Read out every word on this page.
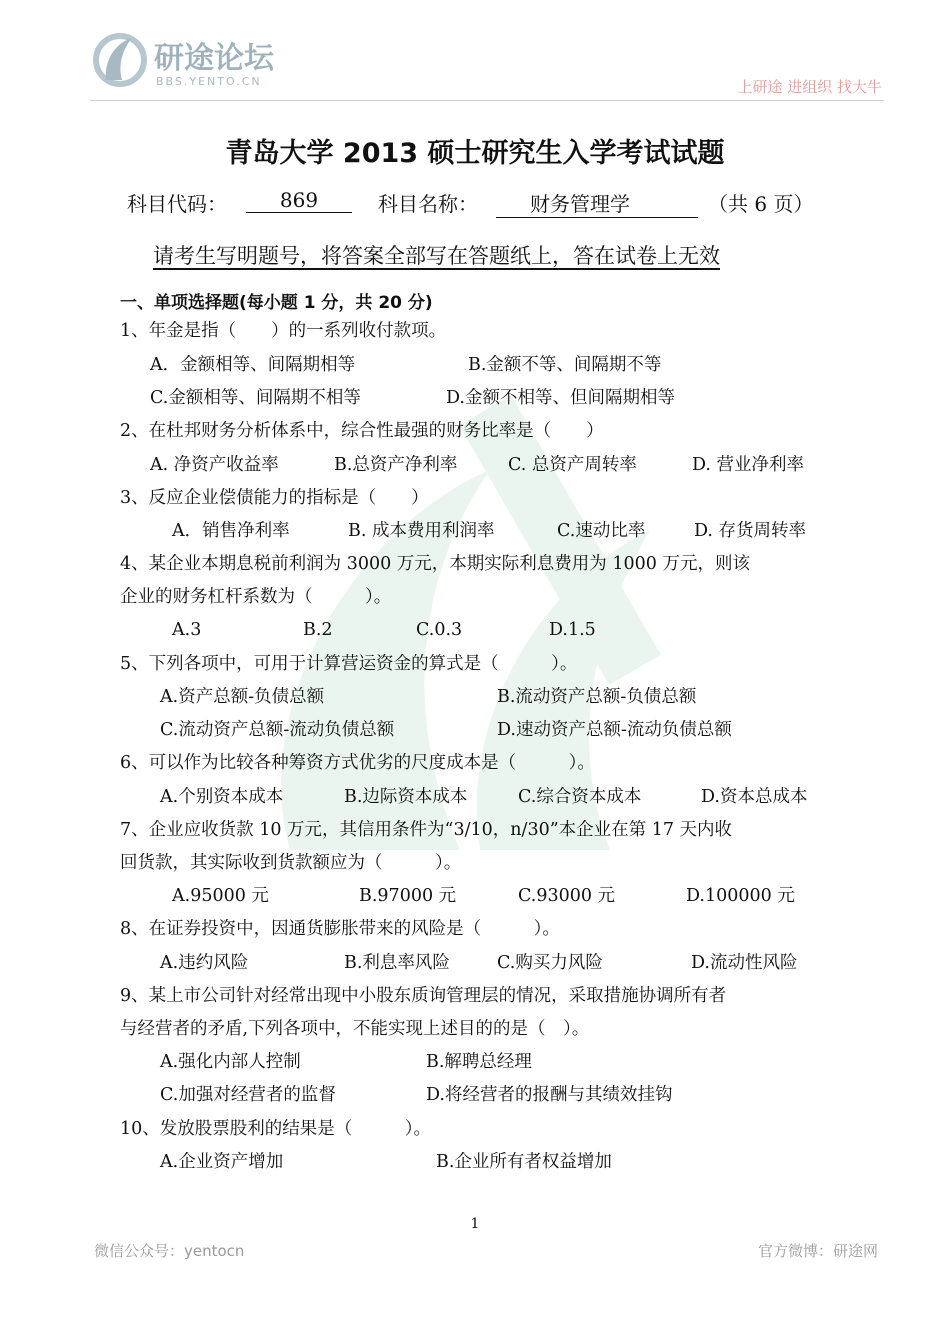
研途论坛
BBS.YENTO.CN	上研途 进组织 找大牛
青岛大学 2013 硕士研究生入学考试试题
科目代码：	869	科目名称：	财务管理学	（共 6 页）
请考生写明题号，将答案全部写在答题纸上，答在试卷上无效
一、单项选择题(每小题 1 分，共 20 分)
1、年金是指（　　）的一系列收付款项。
A．金额相等、间隔期相等	B.金额不等、间隔期不等
C.金额相等、间隔期不相等	D.金额不相等、但间隔期相等
2、在杜邦财务分析体系中，综合性最强的财务比率是（　　）
A. 净资产收益率	B.总资产净利率	C. 总资产周转率	D. 营业净利率
3、反应企业偿债能力的指标是（　　）
A．销售净利率	B. 成本费用利润率	C.速动比率	D. 存货周转率
4、某企业本期息税前利润为 3000 万元，本期实际利息费用为 1000 万元，则该
企业的财务杠杆系数为（　　　）。
A.3	B.2	C.0.3	D.1.5
5、下列各项中，可用于计算营运资金的算式是（　　　）。
A.资产总额-负债总额	B.流动资产总额-负债总额
C.流动资产总额-流动负债总额	D.速动资产总额-流动负债总额
6、可以作为比较各种筹资方式优劣的尺度成本是（　　　）。
A.个别资本成本	B.边际资本成本	C.综合资本成本	D.资本总成本
7、企业应收货款 10 万元，其信用条件为“3/10，n/30”本企业在第 17 天内收
回货款，其实际收到货款额应为（　　　）。
A.95000 元	B.97000 元	C.93000 元	D.100000 元
8、在证券投资中，因通货膨胀带来的风险是（　　　）。
A.违约风险	B.利息率风险	C.购买力风险	D.流动性风险
9、某上市公司针对经常出现中小股东质询管理层的情况，采取措施协调所有者
与经营者的矛盾,下列各项中，不能实现上述目的的是（　）。
A.强化内部人控制	B.解聘总经理
C.加强对经营者的监督	D.将经营者的报酬与其绩效挂钩
10、发放股票股利的结果是（　　　）。
A.企业资产增加	B.企业所有者权益增加
1
微信公众号：yentocn	官方微博：研途网
